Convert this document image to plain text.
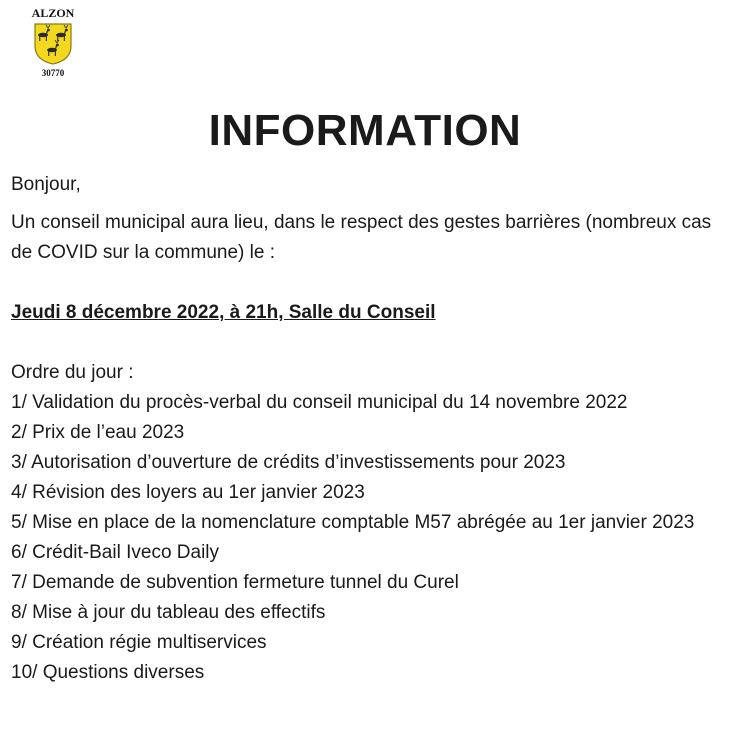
ALZON
30770
INFORMATION

Bonjour,

Un conseil municipal aura lieu, dans le respect des gestes barrières (nombreux cas de COVID sur la commune) le :

Jeudi 8 décembre 2022, à 21h, Salle du Conseil

Ordre du jour :

1/ Validation du procès-verbal du conseil municipal du 14 novembre 2022
2/ Prix de l’eau 2023
3/ Autorisation d’ouverture de crédits d’investissements pour 2023
4/ Révision des loyers au 1er janvier 2023
5/ Mise en place de la nomenclature comptable M57 abrégée au 1er janvier 2023
6/ Crédit-Bail Iveco Daily
7/ Demande de subvention fermeture tunnel du Curel
8/ Mise à jour du tableau des effectifs
9/ Création régie multiservices
10/ Questions diverses
